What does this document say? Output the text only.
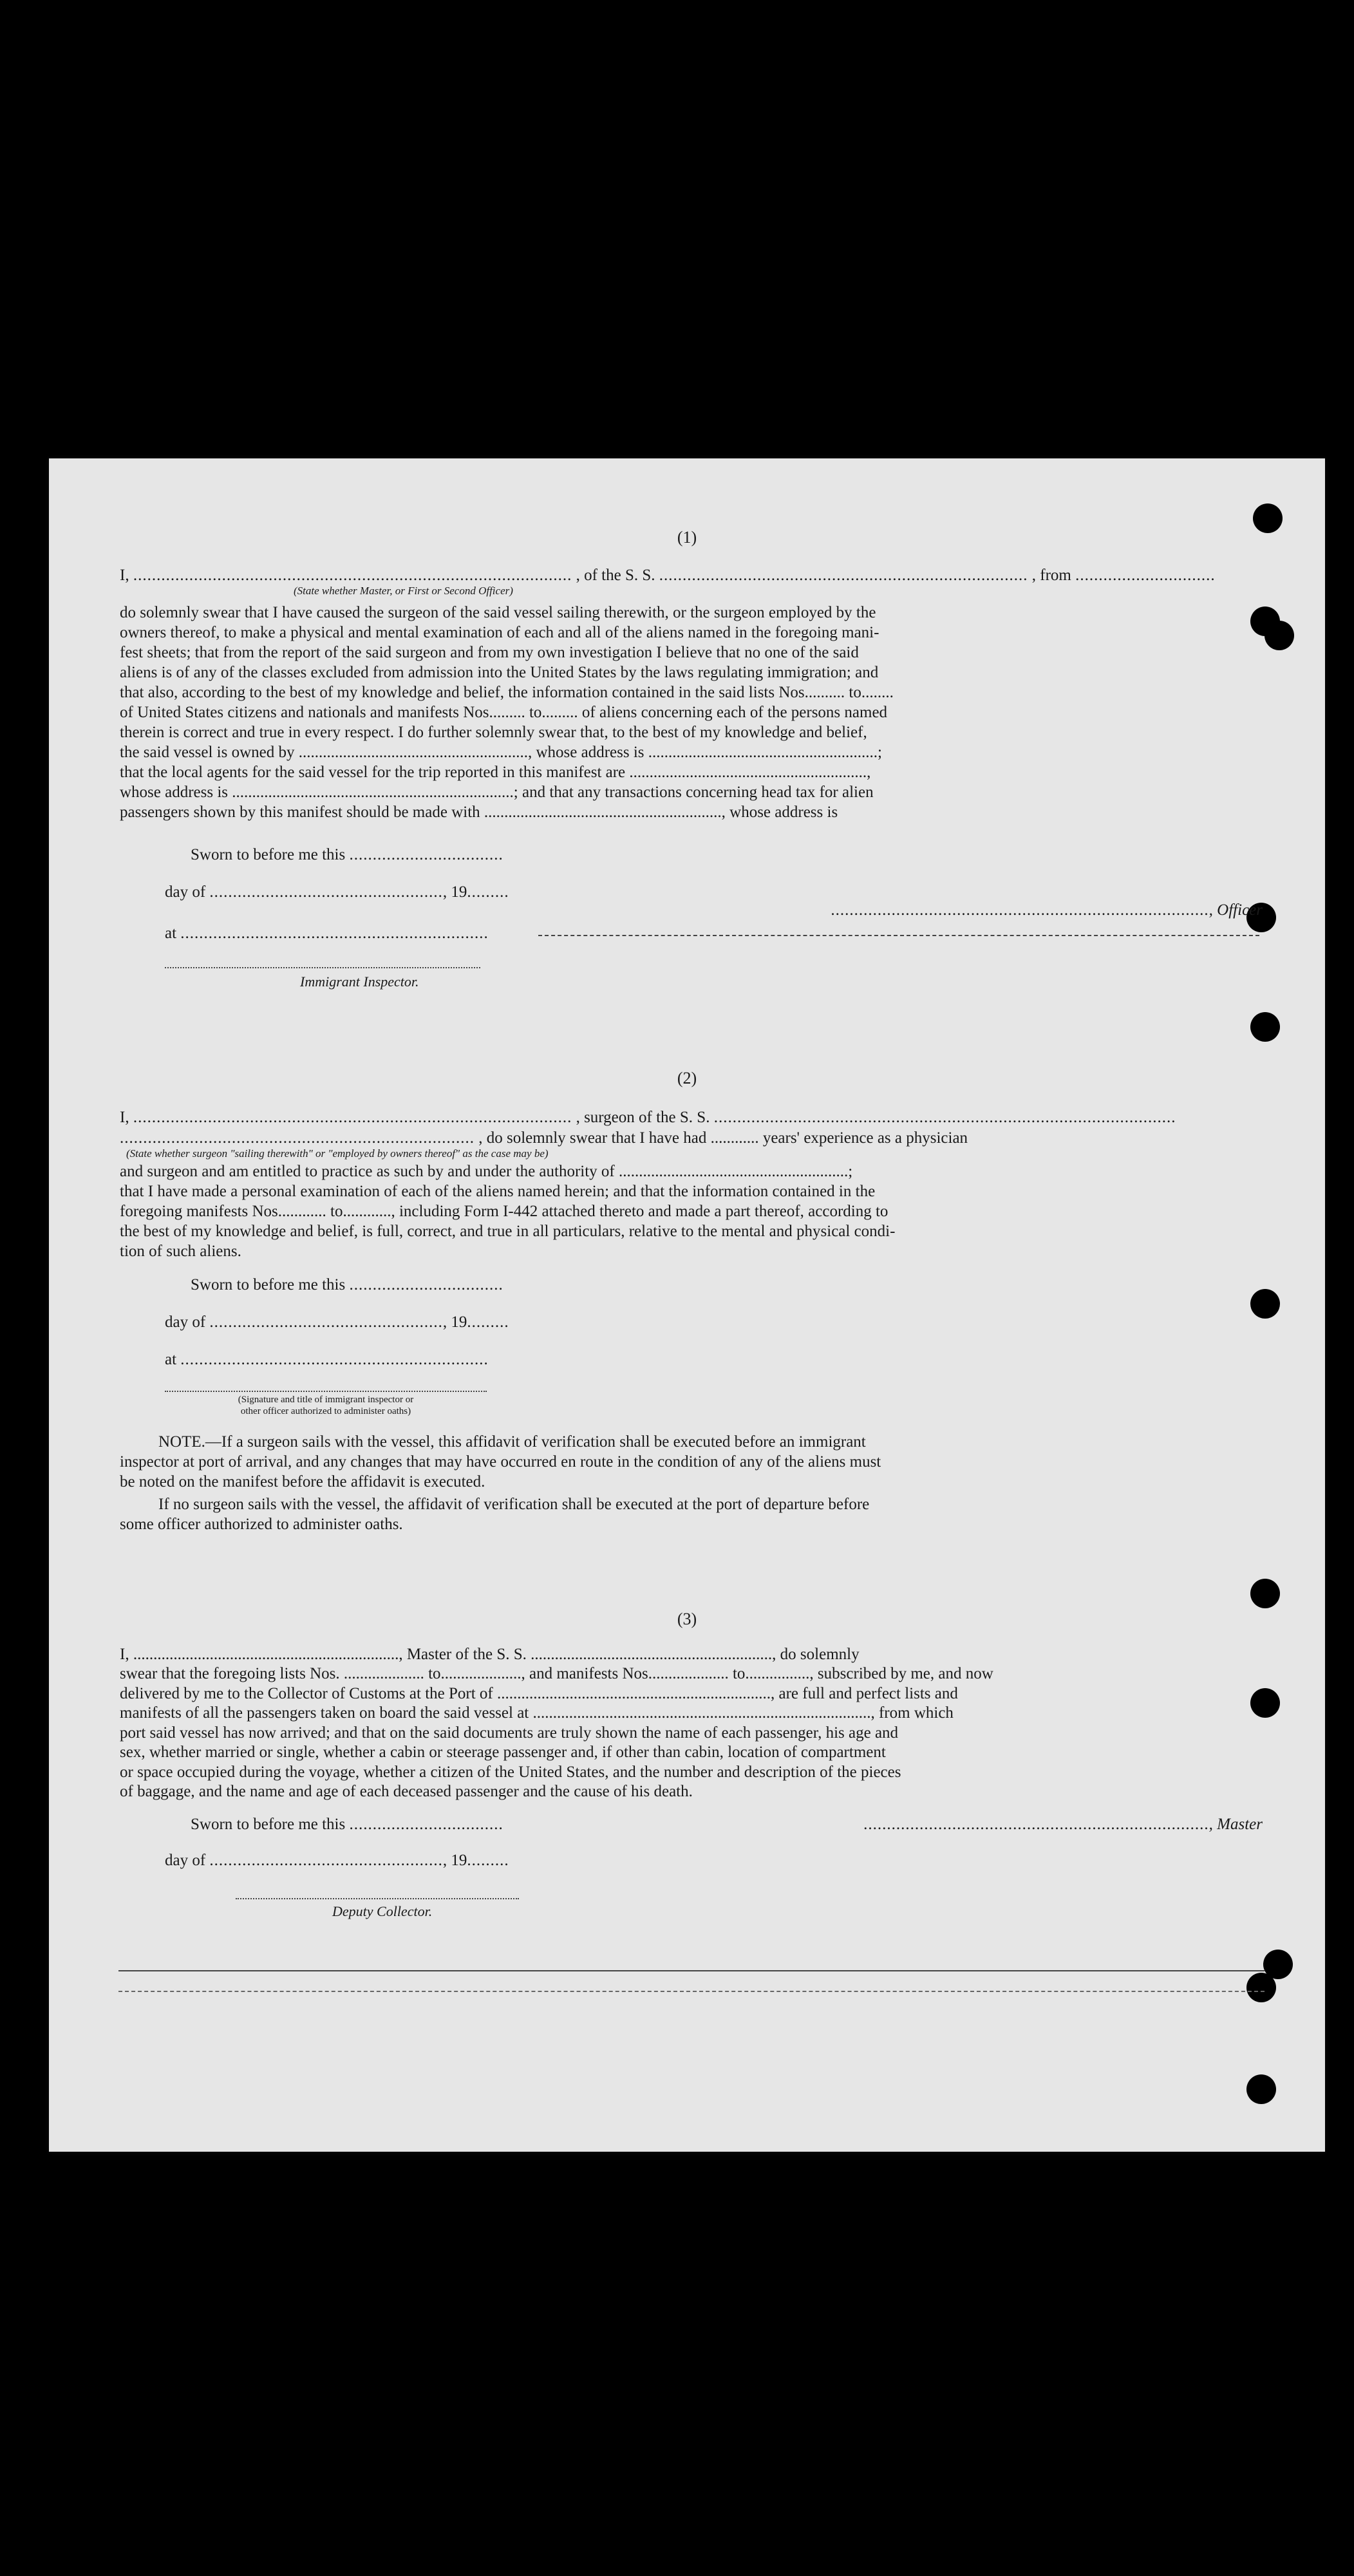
(1)
I, .............................................................................................. , of the S. S. ............................................................................... , from ..............................
(State whether Master, or First or Second Officer)
do solemnly swear that I have caused the surgeon of the said vessel sailing therewith, or the surgeon employed by the
owners thereof, to make a physical and mental examination of each and all of the aliens named in the foregoing mani-
fest sheets; that from the report of the said surgeon and from my own investigation I believe that no one of the said
aliens is of any of the classes excluded from admission into the United States by the laws regulating immigration; and
that also, according to the best of my knowledge and belief, the information contained in the said lists Nos.......... to........
of United States citizens and nationals and manifests Nos......... to......... of aliens concerning each of the persons named
therein is correct and true in every respect. I do further solemnly swear that, to the best of my knowledge and belief,
the said vessel is owned by ........................................................., whose address is .........................................................;
that the local agents for the said vessel for the trip reported in this manifest are ...........................................................,
whose address is ......................................................................; and that any transactions concerning head tax for alien
passengers shown by this manifest should be made with ..........................................................., whose address is
Sworn to before me this .................................
day of .................................................., 19.........
at ..................................................................
................................................................................., Officer
Immigrant Inspector.
(2)
I, .............................................................................................. , surgeon of the S. S. ...................................................................................................
............................................................................ , do solemnly swear that I have had ............ years' experience as a physician
(State whether surgeon "sailing therewith" or "employed by owners thereof" as the case may be)
and surgeon and am entitled to practice as such by and under the authority of .........................................................;
that I have made a personal examination of each of the aliens named herein; and that the information contained in the
foregoing manifests Nos............ to............, including Form I-442 attached thereto and made a part thereof, according to
the best of my knowledge and belief, is full, correct, and true in all particulars, relative to the mental and physical condi-
tion of such aliens.
Sworn to before me this .................................
day of .................................................., 19.........
at ..................................................................
(Signature and title of immigrant inspector or
other officer authorized to administer oaths)
NOTE.—If a surgeon sails with the vessel, this affidavit of verification shall be executed before an immigrant
inspector at port of arrival, and any changes that may have occurred en route in the condition of any of the aliens must
be noted on the manifest before the affidavit is executed.
If no surgeon sails with the vessel, the affidavit of verification shall be executed at the port of departure before
some officer authorized to administer oaths.
(3)
I, .................................................................., Master of the S. S. ............................................................, do solemnly
swear that the foregoing lists Nos. .................... to...................., and manifests Nos.................... to................, subscribed by me, and now
delivered by me to the Collector of Customs at the Port of ...................................................................., are full and perfect lists and
manifests of all the passengers taken on board the said vessel at ...................................................................................., from which
port said vessel has now arrived; and that on the said documents are truly shown the name of each passenger, his age and
sex, whether married or single, whether a cabin or steerage passenger and, if other than cabin, location of compartment
or space occupied during the voyage, whether a citizen of the United States, and the number and description of the pieces
of baggage, and the name and age of each deceased passenger and the cause of his death.
Sworn to before me this .................................
day of .................................................., 19.........
.........................................................................., Master
Deputy Collector.
